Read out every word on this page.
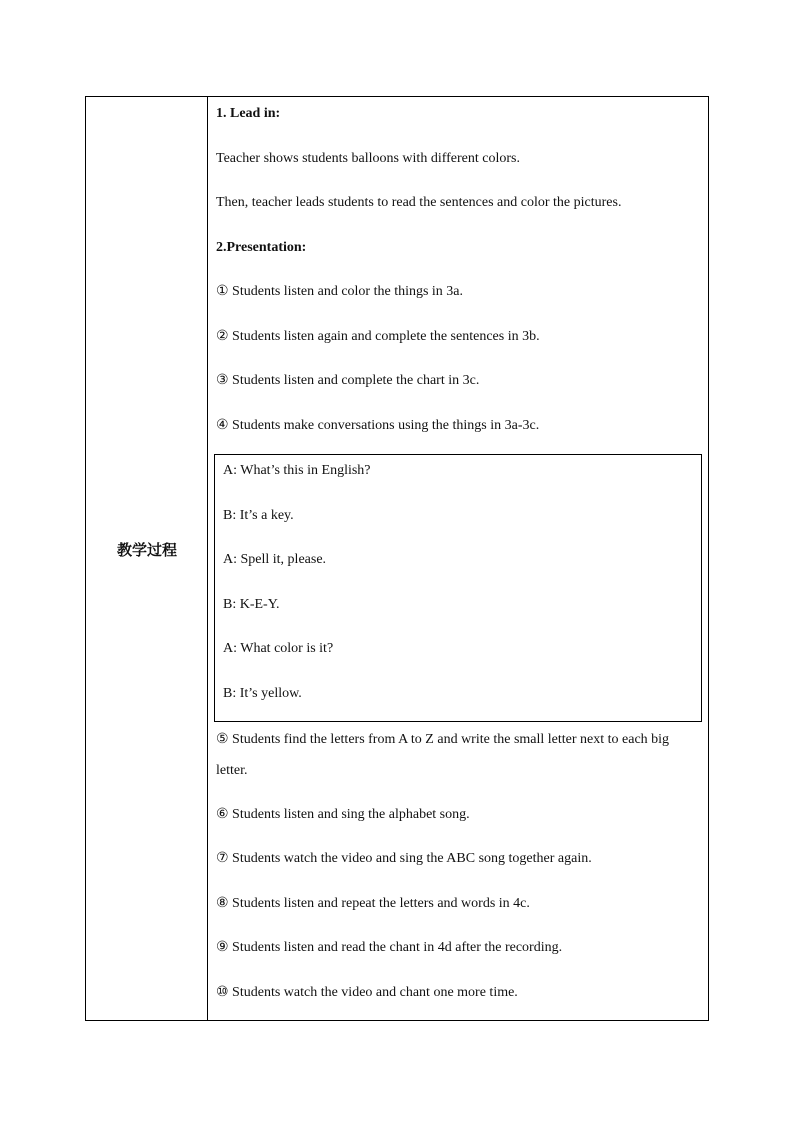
教学过程
1. Lead in:
Teacher shows students balloons with different colors.
Then, teacher leads students to read the sentences and color the pictures.
2.Presentation:
① Students listen and color the things in 3a.
② Students listen again and complete the sentences in 3b.
③ Students listen and complete the chart in 3c.
④ Students make conversations using the things in 3a-3c.
A: What’s this in English?
B: It’s a key.
A: Spell it, please.
B: K-E-Y.
A: What color is it?
B: It’s yellow.
⑤ Students find the letters from A to Z and write the small letter next to each big letter.
⑥ Students listen and sing the alphabet song.
⑦ Students watch the video and sing the ABC song together again.
⑧ Students listen and repeat the letters and words in 4c.
⑨ Students listen and read the chant in 4d after the recording.
⑩ Students watch the video and chant one more time.
